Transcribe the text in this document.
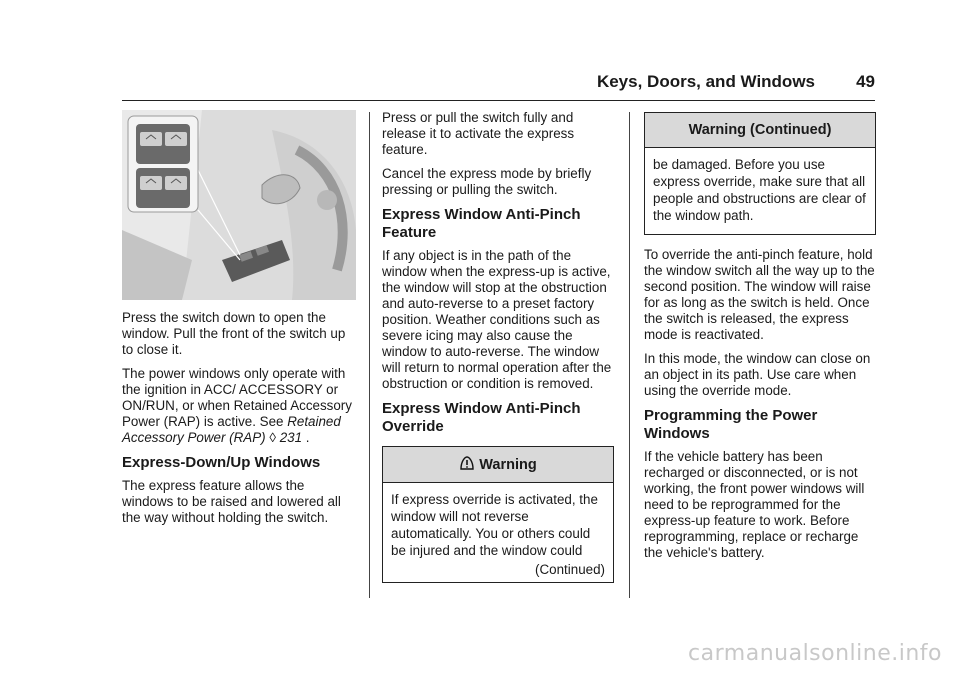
Keys, Doors, and Windows 49

Press the switch down to open the window. Pull the front of the switch up to close it.

The power windows only operate with the ignition in ACC/ ACCESSORY or ON/RUN, or when Retained Accessory Power (RAP) is active. See Retained Accessory Power (RAP) ◊ 231 .

Express-Down/Up Windows

The express feature allows the windows to be raised and lowered all the way without holding the switch.

Press or pull the switch fully and release it to activate the express feature.

Cancel the express mode by briefly pressing or pulling the switch.

Express Window Anti-Pinch Feature

If any object is in the path of the window when the express-up is active, the window will stop at the obstruction and auto-reverse to a preset factory position. Weather conditions such as severe icing may also cause the window to auto-reverse. The window will return to normal operation after the obstruction or condition is removed.

Express Window Anti-Pinch Override
Warning

If express override is activated, the window will not reverse automatically. You or others could be injured and the window could

(Continued)
Warning (Continued)

be damaged. Before you use express override, make sure that all people and obstructions are clear of the window path.

To override the anti-pinch feature, hold the window switch all the way up to the second position. The window will raise for as long as the switch is held. Once the switch is released, the express mode is reactivated.

In this mode, the window can close on an object in its path. Use care when using the override mode.

Programming the Power Windows

If the vehicle battery has been recharged or disconnected, or is not working, the front power windows will need to be reprogrammed for the express-up feature to work. Before reprogramming, replace or recharge the vehicle's battery.

carmanualsonline.info
